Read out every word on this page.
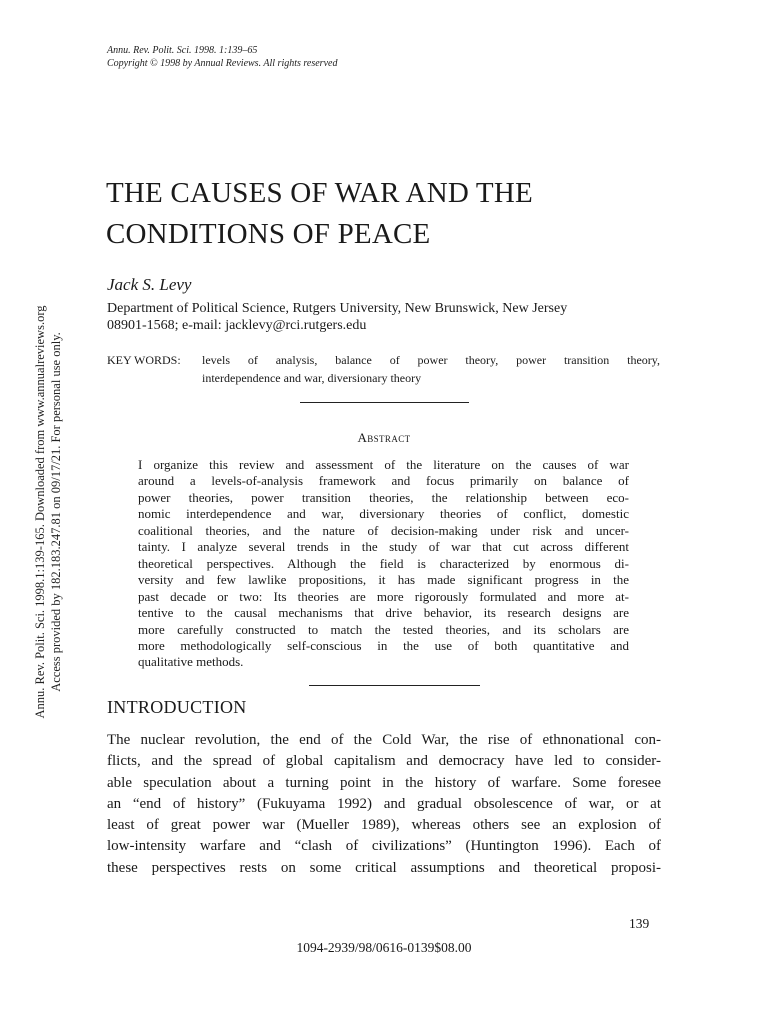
Annu. Rev. Polit. Sci. 1998. 1:139–65
Copyright © 1998 by Annual Reviews. All rights reserved
THE CAUSES OF WAR AND THE
CONDITIONS OF PEACE
Jack S. Levy
Department of Political Science, Rutgers University, New Brunswick, New Jersey
08901-1568; e-mail: jacklevy@rci.rutgers.edu
KEY WORDS: levels of analysis, balance of power theory, power transition theory,
interdependence and war, diversionary theory
Abstract
I organize this review and assessment of the literature on the causes of war
around a levels-of-analysis framework and focus primarily on balance of
power theories, power transition theories, the relationship between eco-
nomic interdependence and war, diversionary theories of conflict, domestic
coalitional theories, and the nature of decision-making under risk and uncer-
tainty. I analyze several trends in the study of war that cut across different
theoretical perspectives. Although the field is characterized by enormous di-
versity and few lawlike propositions, it has made significant progress in the
past decade or two: Its theories are more rigorously formulated and more at-
tentive to the causal mechanisms that drive behavior, its research designs are
more carefully constructed to match the tested theories, and its scholars are
more methodologically self-conscious in the use of both quantitative and
qualitative methods.
INTRODUCTION
The nuclear revolution, the end of the Cold War, the rise of ethnonational con-
flicts, and the spread of global capitalism and democracy have led to consider-
able speculation about a turning point in the history of warfare. Some foresee
an “end of history” (Fukuyama 1992) and gradual obsolescence of war, or at
least of great power war (Mueller 1989), whereas others see an explosion of
low-intensity warfare and “clash of civilizations” (Huntington 1996). Each of
these perspectives rests on some critical assumptions and theoretical proposi-
139
1094-2939/98/0616-0139$08.00
Annu. Rev. Polit. Sci. 1998.1:139-165. Downloaded from www.annualreviews.org Access provided by 182.183.247.81 on 09/17/21. For personal use only.
